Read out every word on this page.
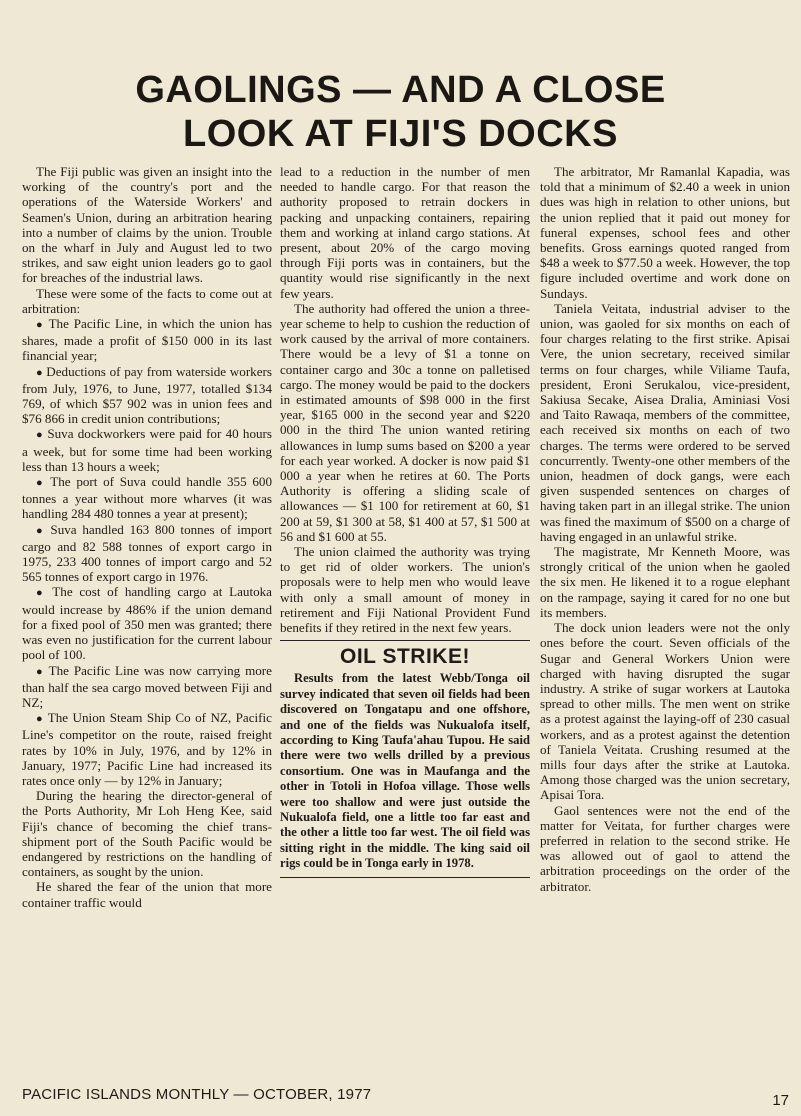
GAOLINGS — AND A CLOSE
LOOK AT FIJI'S DOCKS

The Fiji public was given an insight into the working of the country's port and the operations of the Waterside Workers' and Seamen's Union, during an arbitration hearing into a number of claims by the union. Trouble on the wharf in July and August led to two strikes, and saw eight union leaders go to gaol for breaches of the industrial laws.

These were some of the facts to come out at arbitration:

● The Pacific Line, in which the union has shares, made a profit of $150 000 in its last financial year;

● Deductions of pay from waterside workers from July, 1976, to June, 1977, totalled $134 769, of which $57 902 was in union fees and $76 866 in credit union contributions;

● Suva dockworkers were paid for 40 hours a week, but for some time had been working less than 13 hours a week;

● The port of Suva could handle 355 600 tonnes a year without more wharves (it was handling 284 480 tonnes a year at present);

● Suva handled 163 800 tonnes of import cargo and 82 588 tonnes of export cargo in 1975, 233 400 tonnes of import cargo and 52 565 tonnes of export cargo in 1976.

● The cost of handling cargo at Lautoka would increase by 486% if the union demand for a fixed pool of 350 men was granted; there was even no justification for the current labour pool of 100.

● The Pacific Line was now carrying more than half the sea cargo moved between Fiji and NZ;

● The Union Steam Ship Co of NZ, Pacific Line's competitor on the route, raised freight rates by 10% in July, 1976, and by 12% in January, 1977; Pacific Line had increased its rates once only — by 12% in January;

During the hearing the director-general of the Ports Authority, Mr Loh Heng Kee, said Fiji's chance of becoming the chief trans-shipment port of the South Pacific would be endangered by restrictions on the handling of containers, as sought by the union.

He shared the fear of the union that more container traffic would

lead to a reduction in the number of men needed to handle cargo. For that reason the authority proposed to retrain dockers in packing and unpacking containers, repairing them and working at inland cargo stations. At present, about 20% of the cargo moving through Fiji ports was in containers, but the quantity would rise significantly in the next few years.

The authority had offered the union a three-year scheme to help to cushion the reduction of work caused by the arrival of more containers. There would be a levy of $1 a tonne on container cargo and 30c a tonne on palletised cargo. The money would be paid to the dockers in estimated amounts of $98 000 in the first year, $165 000 in the second year and $220 000 in the third The union wanted retiring allowances in lump sums based on $200 a year for each year worked. A docker is now paid $1 000 a year when he retires at 60. The Ports Authority is offering a sliding scale of allowances — $1 100 for retirement at 60, $1 200 at 59, $1 300 at 58, $1 400 at 57, $1 500 at 56 and $1 600 at 55.

The union claimed the authority was trying to get rid of older workers. The union's proposals were to help men who would leave with only a small amount of money in retirement and Fiji National Provident Fund benefits if they retired in the next few years.

OIL STRIKE!

Results from the latest Webb/Tonga oil survey indicated that seven oil fields had been discovered on Tongatapu and one offshore, and one of the fields was Nukualofa itself, according to King Taufa'ahau Tupou. He said there were two wells drilled by a previous consortium. One was in Maufanga and the other in Totoli in Hofoa village. Those wells were too shallow and were just outside the Nukualofa field, one a little too far east and the other a little too far west. The oil field was sitting right in the middle. The king said oil rigs could be in Tonga early in 1978.

The arbitrator, Mr Ramanlal Kapadia, was told that a minimum of $2.40 a week in union dues was high in relation to other unions, but the union replied that it paid out money for funeral expenses, school fees and other benefits. Gross earnings quoted ranged from $48 a week to $77.50 a week. However, the top figure included overtime and work done on Sundays.

Taniela Veitata, industrial adviser to the union, was gaoled for six months on each of four charges relating to the first strike. Apisai Vere, the union secretary, received similar terms on four charges, while Viliame Taufa, president, Eroni Serukalou, vice-president, Sakiusa Secake, Aisea Dralia, Aminiasi Vosi and Taito Rawaqa, members of the committee, each received six months on each of two charges. The terms were ordered to be served concurrently. Twenty-one other members of the union, headmen of dock gangs, were each given suspended sentences on charges of having taken part in an illegal strike. The union was fined the maximum of $500 on a charge of having engaged in an unlawful strike.

The magistrate, Mr Kenneth Moore, was strongly critical of the union when he gaoled the six men. He likened it to a rogue elephant on the rampage, saying it cared for no one but its members.

The dock union leaders were not the only ones before the court. Seven officials of the Sugar and General Workers Union were charged with having disrupted the sugar industry. A strike of sugar workers at Lautoka spread to other mills. The men went on strike as a protest against the laying-off of 230 casual workers, and as a protest against the detention of Taniela Veitata. Crushing resumed at the mills four days after the strike at Lautoka. Among those charged was the union secretary, Apisai Tora.

Gaol sentences were not the end of the matter for Veitata, for further charges were preferred in relation to the second strike. He was allowed out of gaol to attend the arbitration proceedings on the order of the arbitrator.

PACIFIC ISLANDS MONTHLY — OCTOBER, 1977	17
